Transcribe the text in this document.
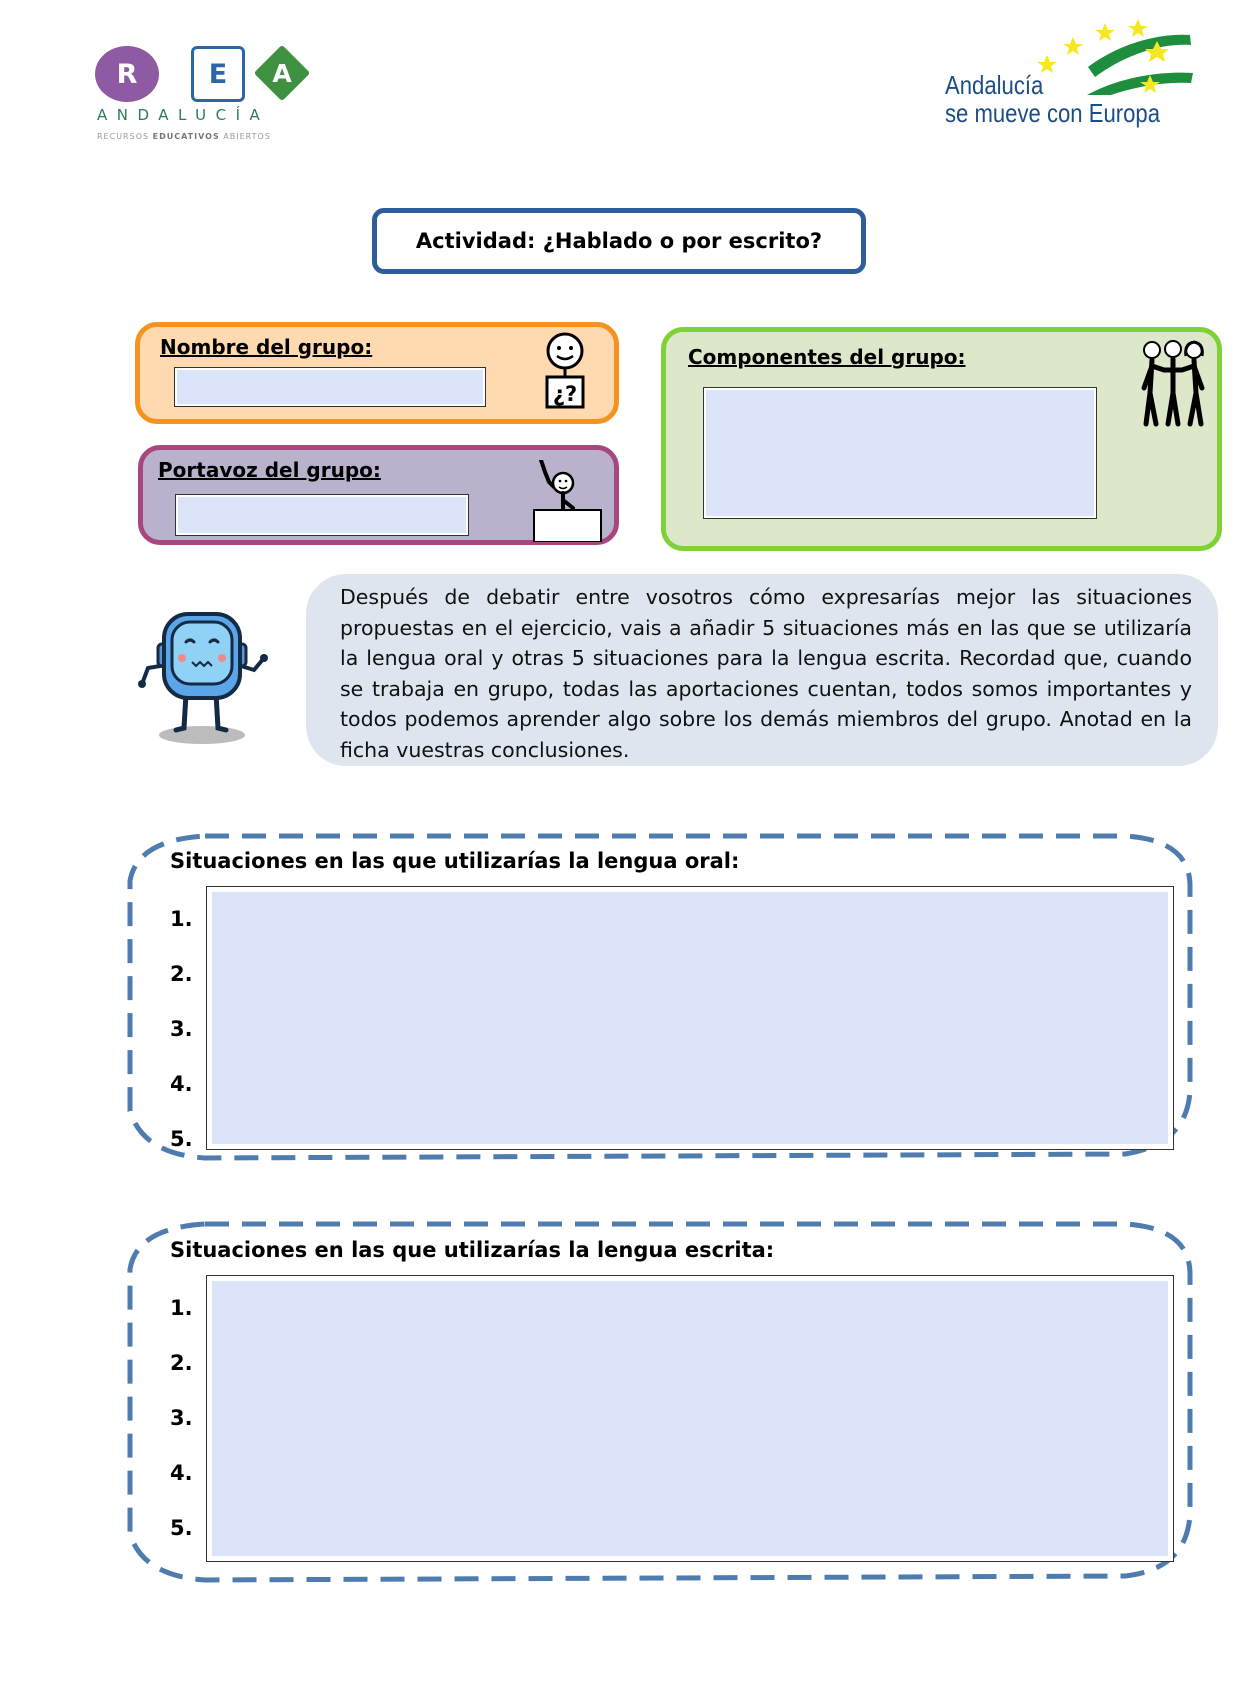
R	E	A
ANDALUCÍA
RECURSOS EDUCATIVOS ABIERTOS
Andalucía
se mueve con Europa
Actividad: ¿Hablado o por escrito?
Nombre del grupo:
¿?
Portavoz del grupo:
Componentes del grupo:
Después de debatir entre vosotros cómo expresarías mejor las situaciones propuestas en el ejercicio, vais a añadir 5 situaciones más en las que se utilizaría la lengua oral y otras 5 situaciones para la lengua escrita. Recordad que, cuando se trabaja en grupo, todas las aportaciones cuentan, todos somos importantes y todos podemos aprender algo sobre los demás miembros del grupo. Anotad en la ficha vuestras conclusiones.
Situaciones en las que utilizarías la lengua oral:
1.
2.
3.
4.
5.
Situaciones en las que utilizarías la lengua escrita:
1.
2.
3.
4.
5.
